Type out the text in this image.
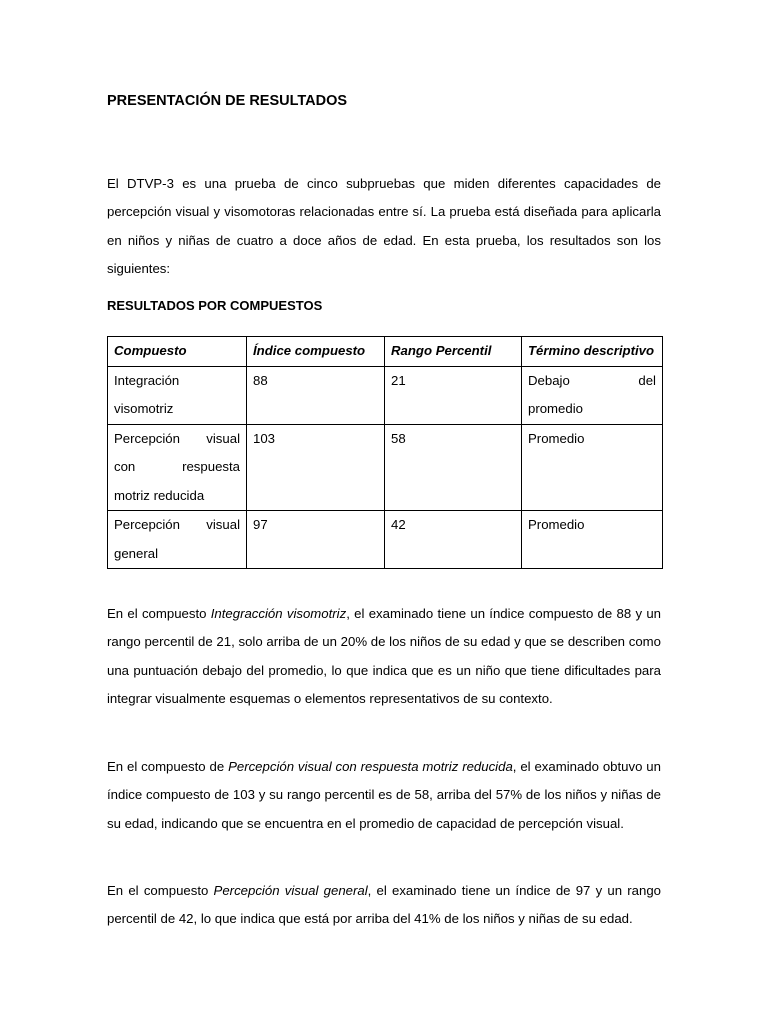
PRESENTACIÓN DE RESULTADOS

El DTVP-3 es una prueba de cinco subpruebas que miden diferentes capacidades de percepción visual y visomotoras relacionadas entre sí. La prueba está diseñada para aplicarla en niños y niñas de cuatro a doce años de edad. En esta prueba, los resultados son los siguientes:

RESULTADOS POR COMPUESTOS
Compuesto	Índice compuesto	Rango Percentil	Término descriptivo

Integración
visomotriz	88	21	Debajo del
promedio

Percepción visual
con respuesta
motriz reducida	103	58	Promedio

Percepción visual
general	97	42	Promedio

En el compuesto Integracción visomotriz, el examinado tiene un índice compuesto de 88 y un rango percentil de 21, solo arriba de un 20% de los niños de su edad y que se describen como una puntuación debajo del promedio, lo que indica que es un niño que tiene dificultades para integrar visualmente esquemas o elementos representativos de su contexto.

En el compuesto de Percepción visual con respuesta motriz reducida, el examinado obtuvo un índice compuesto de 103 y su rango percentil es de 58, arriba del 57% de los niños y niñas de su edad, indicando que se encuentra en el promedio de capacidad de percepción visual.

En el compuesto Percepción visual general, el examinado tiene un índice de 97 y un rango percentil de 42, lo que indica que está por arriba del 41% de los niños y niñas de su edad.
